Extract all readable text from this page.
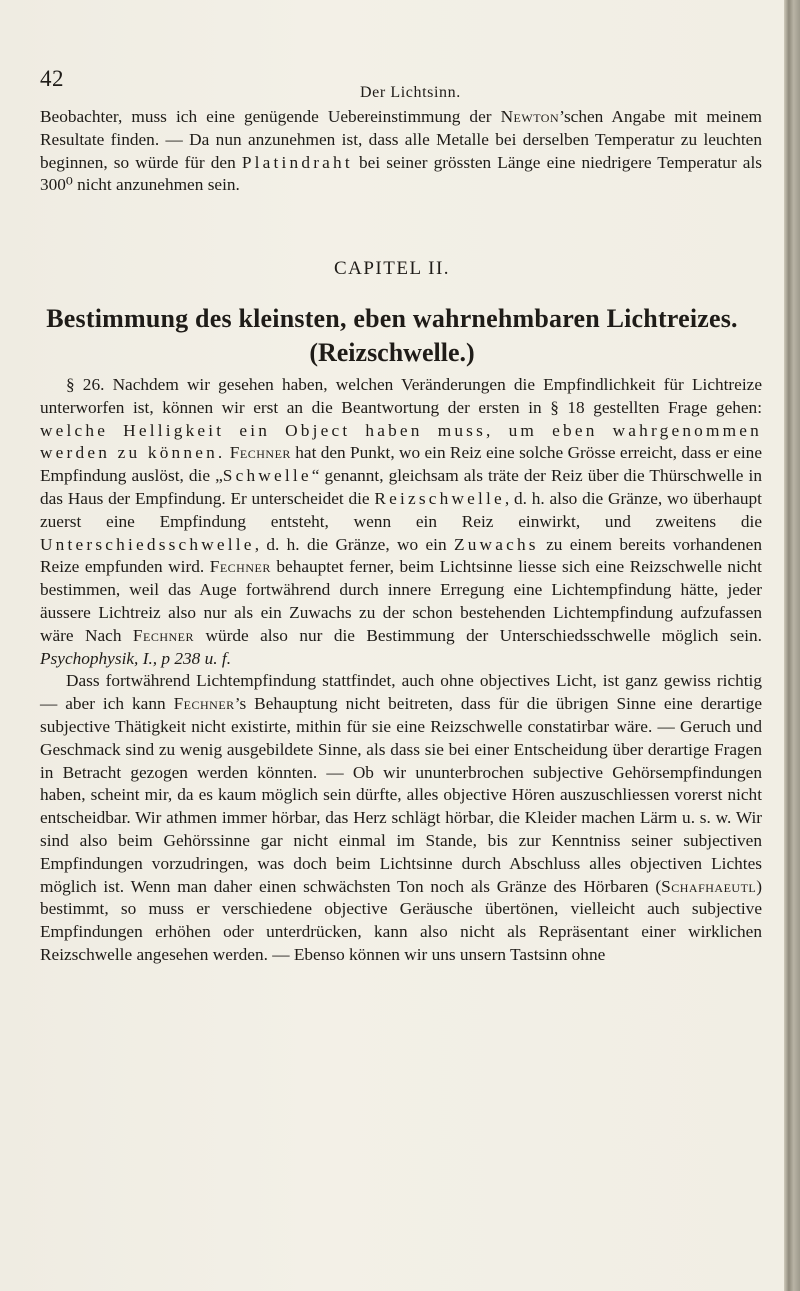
42
Der Lichtsinn.

Beobachter, muss ich eine genügende Uebereinstimmung der Newton’schen Angabe mit meinem Resultate finden. — Da nun anzunehmen ist, dass alle Metalle bei derselben Temperatur zu leuchten beginnen, so würde für den Platindraht bei seiner grössten Länge eine niedrigere Temperatur als 300⁰ nicht anzunehmen sein.

CAPITEL II.
Bestimmung des kleinsten, eben wahrnehmbaren Lichtreizes.
(Reizschwelle.)

§ 26. Nachdem wir gesehen haben, welchen Veränderungen die Empfindlichkeit für Lichtreize unterworfen ist, können wir erst an die Beantwortung der ersten in § 18 gestellten Frage gehen: welche Helligkeit ein Object haben muss, um eben wahrgenommen werden zu können. Fechner hat den Punkt, wo ein Reiz eine solche Grösse erreicht, dass er eine Empfindung auslöst, die „Schwelle“ genannt, gleichsam als träte der Reiz über die Thürschwelle in das Haus der Empfindung. Er unterscheidet die Reizschwelle, d. h. also die Gränze, wo überhaupt zuerst eine Empfindung entsteht, wenn ein Reiz einwirkt, und zweitens die Unterschiedsschwelle, d. h. die Gränze, wo ein Zuwachs zu einem bereits vorhandenen Reize empfunden wird. Fechner behauptet ferner, beim Lichtsinne liesse sich eine Reizschwelle nicht bestimmen, weil das Auge fortwährend durch innere Erregung eine Lichtempfindung hätte, jeder äussere Lichtreiz also nur als ein Zuwachs zu der schon bestehenden Lichtempfindung aufzufassen wäre Nach Fechner würde also nur die Bestimmung der Unterschiedsschwelle möglich sein. Psychophysik, I., p 238 u. f.

Dass fortwährend Lichtempfindung stattfindet, auch ohne objectives Licht, ist ganz gewiss richtig — aber ich kann Fechner’s Behauptung nicht beitreten, dass für die übrigen Sinne eine derartige subjective Thätigkeit nicht existirte, mithin für sie eine Reizschwelle constatirbar wäre. — Geruch und Geschmack sind zu wenig ausgebildete Sinne, als dass sie bei einer Entscheidung über derartige Fragen in Betracht gezogen werden könnten. — Ob wir ununterbrochen subjective Gehörsempfindungen haben, scheint mir, da es kaum möglich sein dürfte, alles objective Hören auszuschliessen vorerst nicht entscheidbar. Wir athmen immer hörbar, das Herz schlägt hörbar, die Kleider machen Lärm u. s. w. Wir sind also beim Gehörssinne gar nicht einmal im Stande, bis zur Kenntniss seiner subjectiven Empfindungen vorzudringen, was doch beim Lichtsinne durch Abschluss alles objectiven Lichtes möglich ist. Wenn man daher einen schwächsten Ton noch als Gränze des Hörbaren (Schafhaeutl) bestimmt, so muss er verschiedene objective Geräusche übertönen, vielleicht auch subjective Empfindungen erhöhen oder unterdrücken, kann also nicht als Repräsentant einer wirklichen Reizschwelle angesehen werden. — Ebenso können wir uns unsern Tastsinn ohne
